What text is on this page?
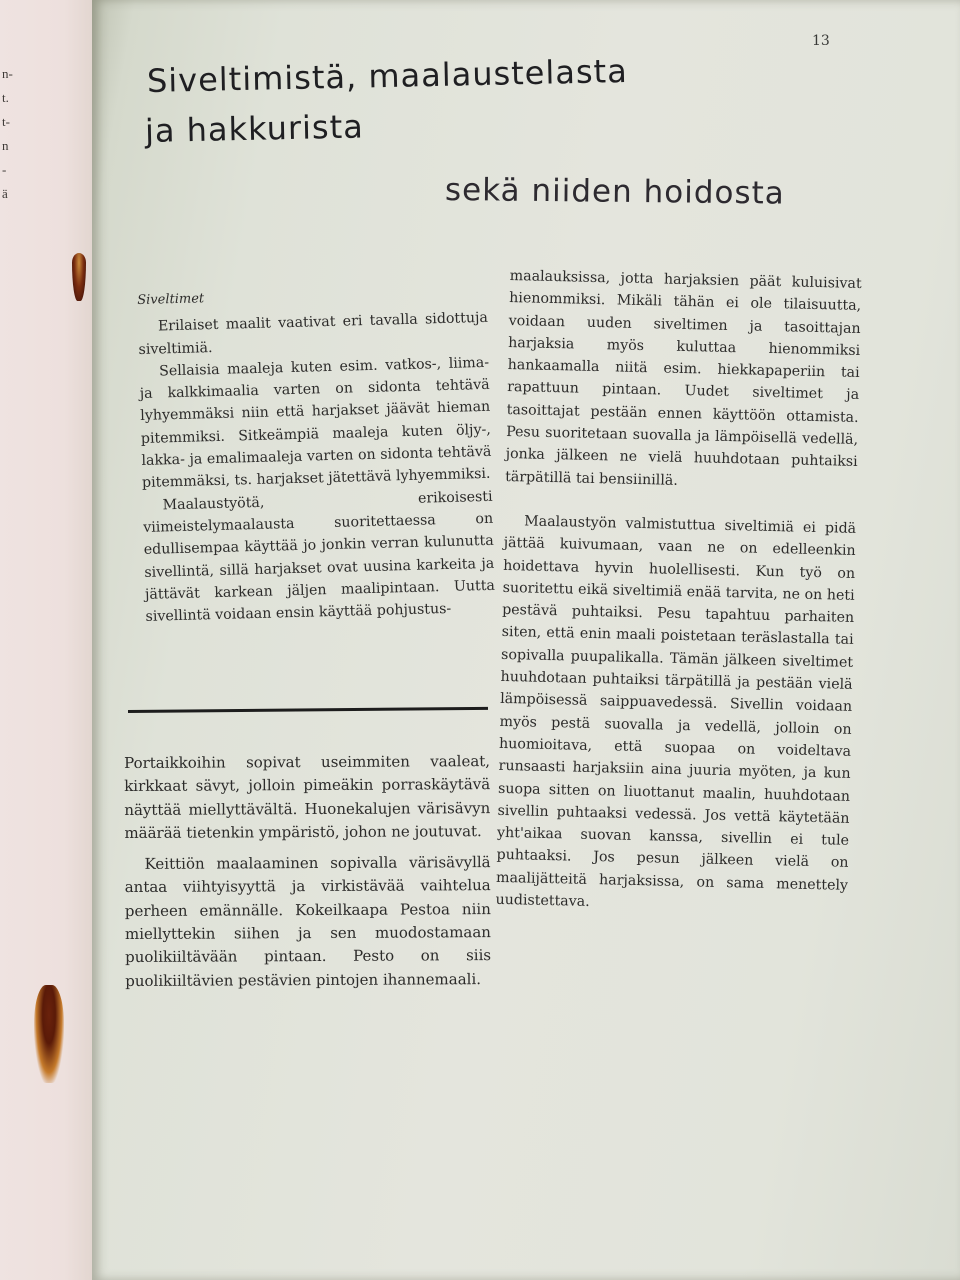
n-
t.
t-
n
-
ä
13
Siveltimistä, maalaustelasta
ja hakkurista
sekä niiden hoidosta

Siveltimet

Erilaiset maalit vaativat eri tavalla sidottuja siveltimiä.

Sellaisia maaleja kuten esim. vatkos-, liima- ja kalkkimaalia varten on sidonta tehtävä lyhyemmäksi niin että harjakset jäävät hieman pitemmiksi. Sitkeämpiä maaleja kuten öljy-, lakka- ja emalimaaleja varten on sidonta tehtävä pitemmäksi, ts. harjakset jätettävä lyhyemmiksi.

Maalaustyötä, erikoisesti viimeistelymaalausta suoritettaessa on edullisempaa käyttää jo jonkin verran kulunutta sivellintä, sillä harjakset ovat uusina karkeita ja jättävät karkean jäljen maalipintaan. Uutta sivellintä voidaan ensin käyttää pohjustus-

Portaikkoihin sopivat useimmiten vaaleat, kirkkaat sävyt, jolloin pimeäkin porraskäytävä näyttää miellyttävältä. Huonekalujen värisävyn määrää tietenkin ympäristö, johon ne joutuvat.

Keittiön maalaaminen sopivalla värisävyllä antaa viihtyisyyttä ja virkistävää vaihtelua perheen emännälle. Kokeilkaapa Pestoa niin miellyttekin siihen ja sen muodostamaan puolikiiltävään pintaan. Pesto on siis puolikiiltävien pestävien pintojen ihannemaali.

maalauksissa, jotta harjaksien päät kuluisivat hienommiksi. Mikäli tähän ei ole tilaisuutta, voidaan uuden siveltimen ja tasoittajan harjaksia myös kuluttaa hienommiksi hankaamalla niitä esim. hiekkapaperiin tai rapattuun pintaan. Uudet siveltimet ja tasoittajat pestään ennen käyttöön ottamista. Pesu suoritetaan suovalla ja lämpöisellä vedellä, jonka jälkeen ne vielä huuhdotaan puhtaiksi tärpätillä tai bensiinillä.

Maalaustyön valmistuttua siveltimiä ei pidä jättää kuivumaan, vaan ne on edelleenkin hoidettava hyvin huolellisesti. Kun työ on suoritettu eikä siveltimiä enää tarvita, ne on heti pestävä puhtaiksi. Pesu tapahtuu parhaiten siten, että enin maali poistetaan teräslastalla tai sopivalla puupalikalla. Tämän jälkeen siveltimet huuhdotaan puhtaiksi tärpätillä ja pestään vielä lämpöisessä saippuavedessä. Sivellin voidaan myös pestä suovalla ja vedellä, jolloin on huomioitava, että suopaa on voideltava runsaasti harjaksiin aina juuria myöten, ja kun suopa sitten on liuottanut maalin, huuhdotaan sivellin puhtaaksi vedessä. Jos vettä käytetään yht'aikaa suovan kanssa, sivellin ei tule puhtaaksi. Jos pesun jälkeen vielä on maalijätteitä harjaksissa, on sama menettely uudistettava.
